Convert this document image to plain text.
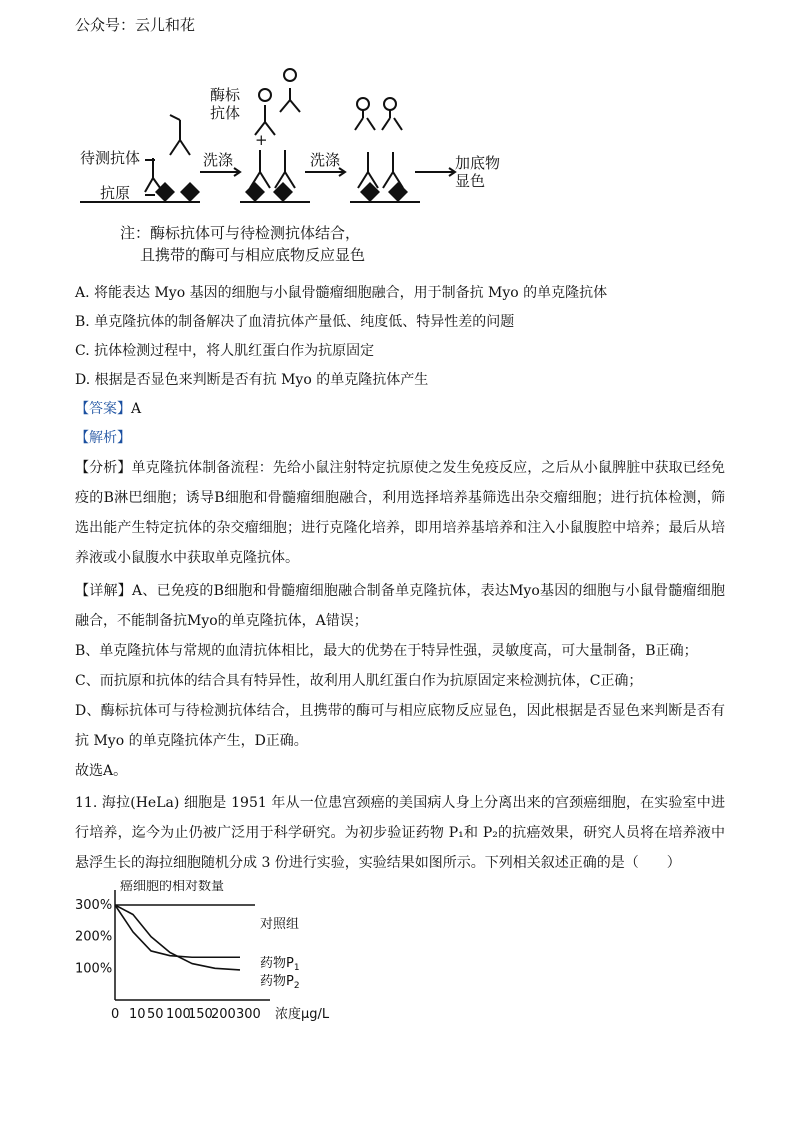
公众号：云儿和花
酶标抗体
+
待测抗体
抗原
洗涤	洗涤	加底物显色
注：酶标抗体可与待检测抗体结合，
且携带的酶可与相应底物反应显色
A. 将能表达 Myo 基因的细胞与小鼠骨髓瘤细胞融合，用于制备抗 Myo 的单克隆抗体
B. 单克隆抗体的制备解决了血清抗体产量低、纯度低、特异性差的问题
C. 抗体检测过程中，将人肌红蛋白作为抗原固定
D. 根据是否显色来判断是否有抗 Myo 的单克隆抗体产生
【答案】A
【解析】
【分析】单克隆抗体制备流程：先给小鼠注射特定抗原使之发生免疫反应，之后从小鼠脾脏中获取已经免疫的B淋巴细胞；诱导B细胞和骨髓瘤细胞融合，利用选择培养基筛选出杂交瘤细胞；进行抗体检测，筛选出能产生特定抗体的杂交瘤细胞；进行克隆化培养，即用培养基培养和注入小鼠腹腔中培养；最后从培养液或小鼠腹水中获取单克隆抗体。
【详解】A、已免疫的B细胞和骨髓瘤细胞融合制备单克隆抗体，表达Myo基因的细胞与小鼠骨髓瘤细胞融合，不能制备抗Myo的单克隆抗体，A错误；
B、单克隆抗体与常规的血清抗体相比，最大的优势在于特异性强，灵敏度高，可大量制备，B正确；
C、而抗原和抗体的结合具有特异性，故利用人肌红蛋白作为抗原固定来检测抗体，C正确；
D、酶标抗体可与待检测抗体结合，且携带的酶可与相应底物反应显色，因此根据是否显色来判断是否有抗 Myo 的单克隆抗体产生，D正确。
故选A。
11. 海拉(HeLa) 细胞是 1951 年从一位患宫颈癌的美国病人身上分离出来的宫颈癌细胞，在实验室中进行培养，迄今为止仍被广泛用于科学研究。为初步验证药物 P₁和 P₂的抗癌效果，研究人员将在培养液中悬浮生长的海拉细胞随机分成 3 份进行实验，实验结果如图所示。下列相关叙述正确的是（　　）
癌细胞的相对数量
100%
200%
300%
0 10 50 100
150
200 300 浓度μg/L
对照组
药物$P_1$
药物$P_2$
